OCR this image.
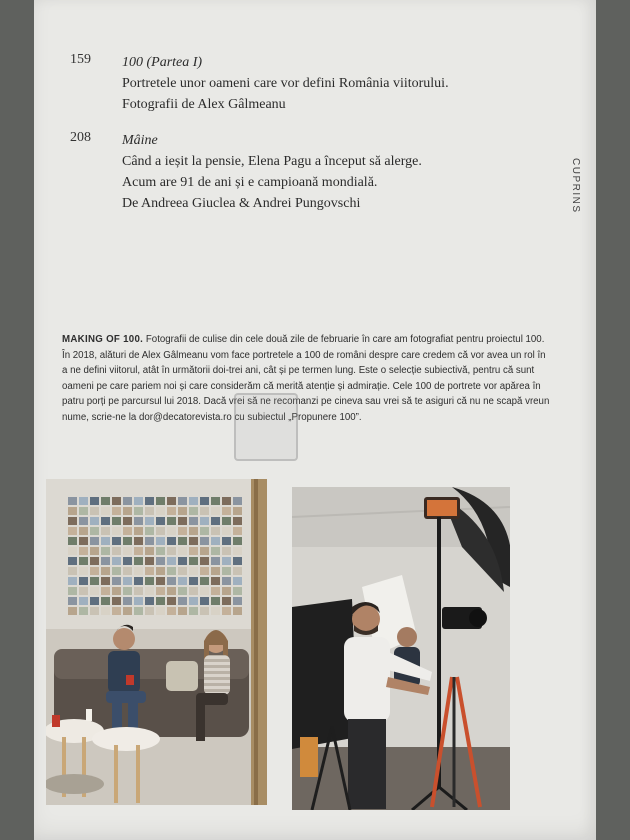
159 100 (Partea I)
Portretele unor oameni care vor defini România viitorului.
Fotografii de Alex Gâlmeanu
208 Mâine
Când a ieșit la pensie, Elena Pagu a început să alerge.
Acum are 91 de ani și e campioană mondială.
De Andreea Giuclea & Andrei Pungovschi	CUPRINS
MAKING OF 100. Fotografii de culise din cele două zile de februarie în care am fotografiat pentru proiectul 100. În 2018, alături de Alex Gâlmeanu vom face portretele a 100 de români despre care credem că vor avea un rol în a ne defini viitorul, atât în următorii doi-trei ani, cât și pe termen lung. Este o selecție subiectivă, pentru că sunt oameni pe care pariem noi și care considerăm că merită atenție și admirație. Cele 100 de portrete vor apărea în patru porți pe parcursul lui 2018. Dacă vrei să ne recomanzi pe cineva sau vrei să te asiguri că nu ne scapă vreun nume, scrie-ne la dor@decatorevista.ro cu subiectul „Propunere 100”.
